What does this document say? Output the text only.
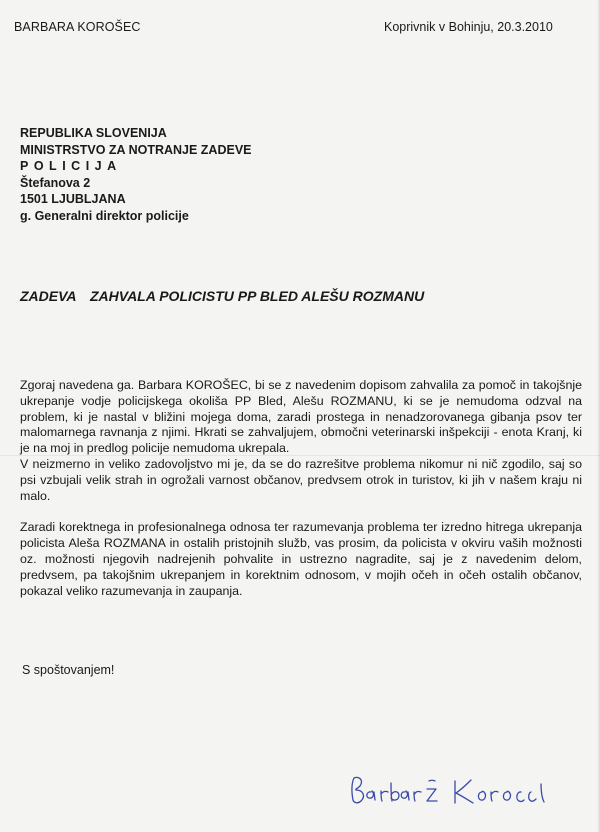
BARBARA KOROŠEC	Koprivnik v Bohinju, 20.3.2010
REPUBLIKA SLOVENIJA
MINISTRSTVO ZA NOTRANJE ZADEVE
POLICIJA
Štefanova 2
1501 LJUBLJANA
g. Generalni direktor policije
ZADEVA ZAHVALA POLICISTU PP BLED ALEŠU ROZMANU

Zgoraj navedena ga. Barbara KOROŠEC, bi se z navedenim dopisom zahvalila za pomoč in takojšnje ukrepanje vodje policijskega okoliša PP Bled, Alešu ROZMANU, ki se je nemudoma odzval na problem, ki je nastal v bližini mojega doma, zaradi prostega in nenadzorovanega gibanja psov ter malomarnega ravnanja z njimi. Hkrati se zahvaljujem, območni veterinarski inšpekciji - enota Kranj, ki je na moj in predlog policije nemudoma ukrepala.

V neizmerno in veliko zadovoljstvo mi je, da se do razrešitve problema nikomur ni nič zgodilo, saj so psi vzbujali velik strah in ogrožali varnost občanov, predvsem otrok in turistov, ki jih v našem kraju ni malo.

Zaradi korektnega in profesionalnega odnosa ter razumevanja problema ter izredno hitrega ukrepanja policista Aleša ROZMANA in ostalih pristojnih služb, vas prosim, da policista v okviru vaših možnosti oz. možnosti njegovih nadrejenih pohvalite in ustrezno nagradite, saj je z navedenim delom, predvsem, pa takojšnim ukrepanjem in korektnim odnosom, v mojih očeh in očeh ostalih občanov, pokazal veliko razumevanja in zaupanja.

S spoštovanjem!
